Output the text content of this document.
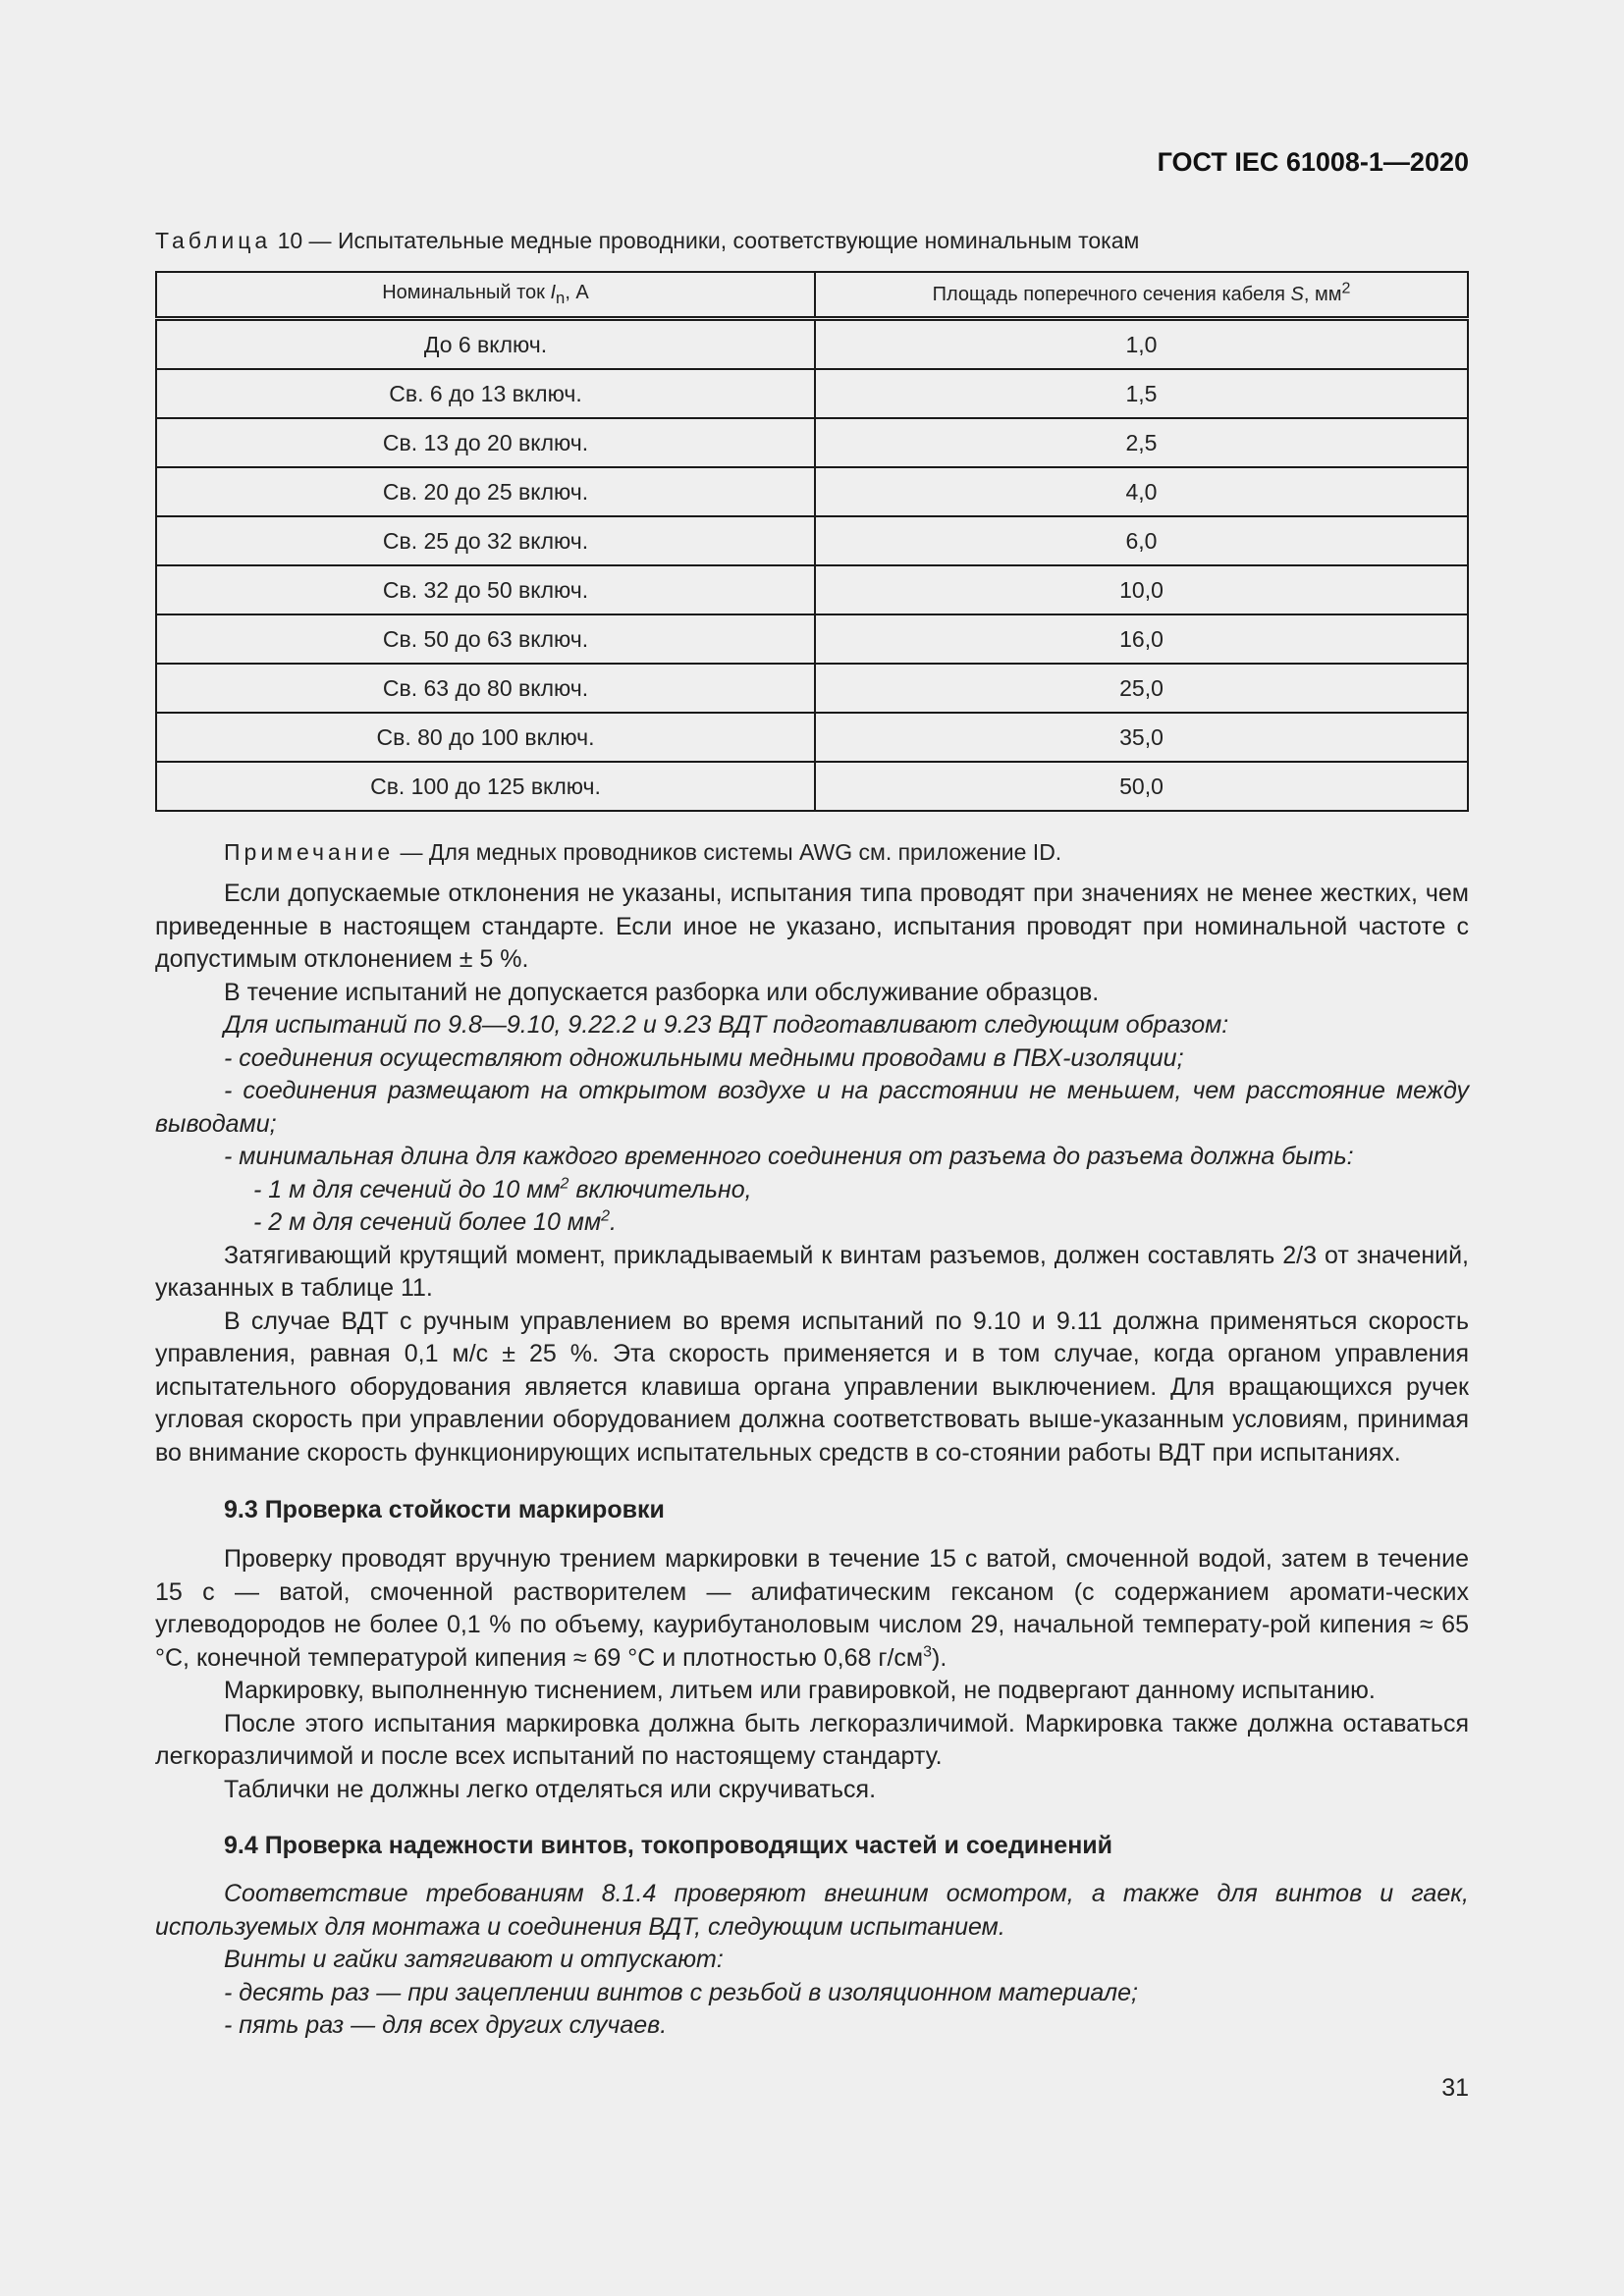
ГОСТ IEC 61008-1—2020
Таблица 10 — Испытательные медные проводники, соответствующие номинальным токам
Номинальный ток $I_n$, А	Площадь поперечного сечения кабеля S, $мм^2$
До 6 включ.	1,0
Св. 6 до 13 включ.	1,5
Св. 13 до 20 включ.	2,5
Св. 20 до 25 включ.	4,0
Св. 25 до 32 включ.	6,0
Св. 32 до 50 включ.	10,0
Св. 50 до 63 включ.	16,0
Св. 63 до 80 включ.	25,0
Св. 80 до 100 включ.	35,0
Св. 100 до 125 включ.	50,0
Примечание — Для медных проводников системы AWG см. приложение ID.

Если допускаемые отклонения не указаны, испытания типа проводят при значениях не менее жестких, чем приведенные в настоящем стандарте. Если иное не указано, испытания проводят при номинальной частоте с допустимым отклонением ± 5 %.

В течение испытаний не допускается разборка или обслуживание образцов.

Для испытаний по 9.8—9.10, 9.22.2 и 9.23 ВДТ подготавливают следующим образом:

- соединения осуществляют одножильными медными проводами в ПВХ-изоляции;

- соединения размещают на открытом воздухе и на расстоянии не меньшем, чем расстояние между выводами;

- минимальная длина для каждого временного соединения от разъема до разъема должна быть:

- 1 м для сечений до 10 $мм^2$ включительно,

- 2 м для сечений более 10 $мм^2$.

Затягивающий крутящий момент, прикладываемый к винтам разъемов, должен составлять 2/3 от значений, указанных в таблице 11.

В случае ВДТ с ручным управлением во время испытаний по 9.10 и 9.11 должна применяться скорость управления, равная 0,1 м/с ± 25 %. Эта скорость применяется и в том случае, когда органом управления испытательного оборудования является клавиша органа управлении выключением. Для вращающихся ручек угловая скорость при управлении оборудованием должна соответствовать выше-указанным условиям, принимая во внимание скорость функционирующих испытательных средств в со-стоянии работы ВДТ при испытаниях.

9.3 Проверка стойкости маркировки

Проверку проводят вручную трением маркировки в течение 15 с ватой, смоченной водой, затем в течение 15 с — ватой, смоченной растворителем — алифатическим гексаном (с содержанием аромати-ческих углеводородов не более 0,1 % по объему, каурибутаноловым числом 29, начальной температу-рой кипения ≈ 65 °С, конечной температурой кипения ≈ 69 °С и плотностью 0,68 $г/см^3$).

Маркировку, выполненную тиснением, литьем или гравировкой, не подвергают данному испытанию.

После этого испытания маркировка должна быть легкоразличимой. Маркировка также должна оставаться легкоразличимой и после всех испытаний по настоящему стандарту.

Таблички не должны легко отделяться или скручиваться.

9.4 Проверка надежности винтов, токопроводящих частей и соединений

Соответствие требованиям 8.1.4 проверяют внешним осмотром, а также для винтов и гаек, используемых для монтажа и соединения ВДТ, следующим испытанием.

Винты и гайки затягивают и отпускают:

- десять раз — при зацеплении винтов с резьбой в изоляционном материале;

- пять раз — для всех других случаев.

31
